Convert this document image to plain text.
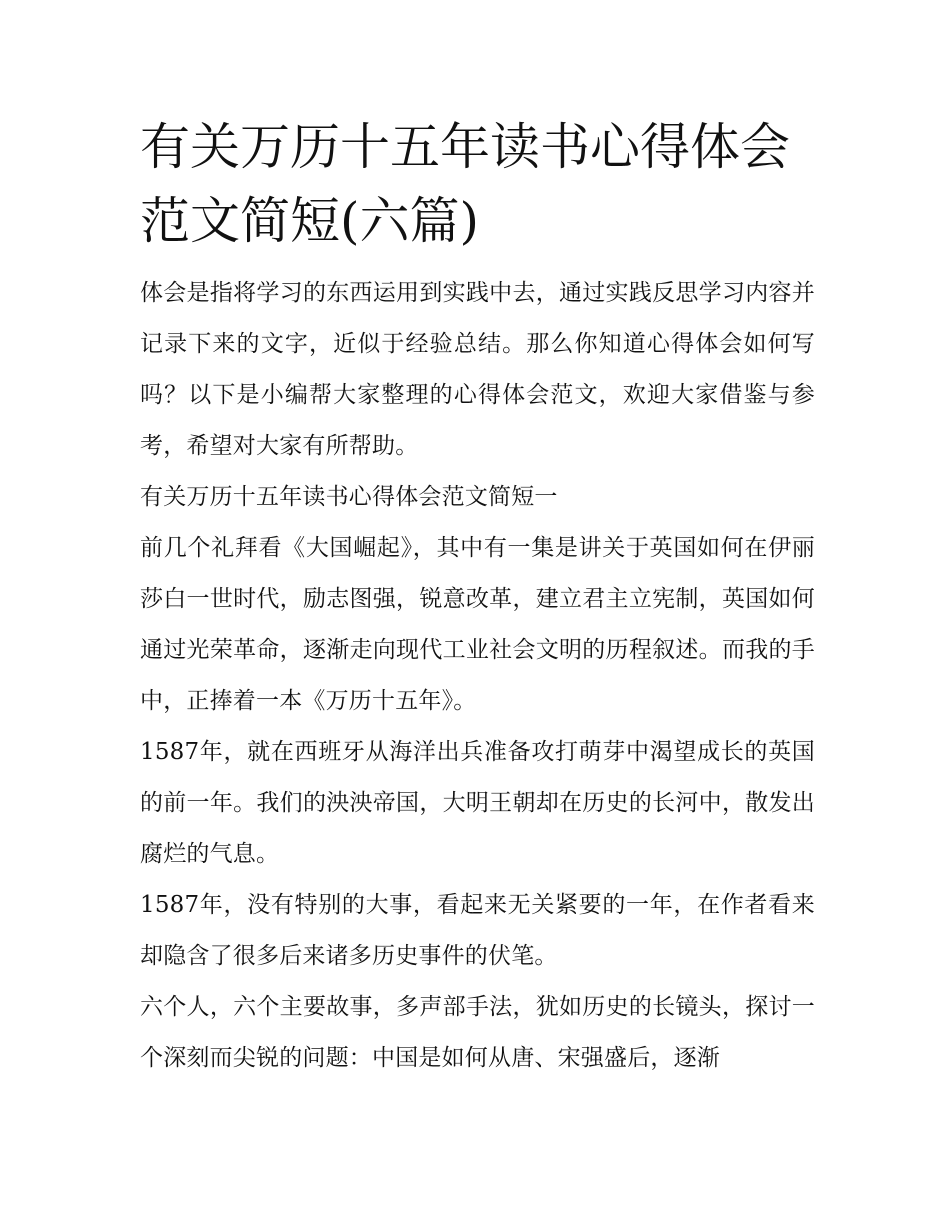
有关万历十五年读书心得体会
范文简短(六篇)

体会是指将学习的东西运用到实践中去，通过实践反思学习内容并记录下来的文字，近似于经验总结。那么你知道心得体会如何写吗？以下是小编帮大家整理的心得体会范文，欢迎大家借鉴与参考，希望对大家有所帮助。

有关万历十五年读书心得体会范文简短一

前几个礼拜看《大国崛起》，其中有一集是讲关于英国如何在伊丽莎白一世时代，励志图强，锐意改革，建立君主立宪制，英国如何通过光荣革命，逐渐走向现代工业社会文明的历程叙述。而我的手中，正捧着一本《万历十五年》。

1587年，就在西班牙从海洋出兵准备攻打萌芽中渴望成长的英国的前一年。我们的泱泱帝国，大明王朝却在历史的长河中，散发出腐烂的气息。

1587年，没有特别的大事，看起来无关紧要的一年，在作者看来却隐含了很多后来诸多历史事件的伏笔。

六个人，六个主要故事，多声部手法，犹如历史的长镜头，探讨一个深刻而尖锐的问题：中国是如何从唐、宋强盛后，逐渐
